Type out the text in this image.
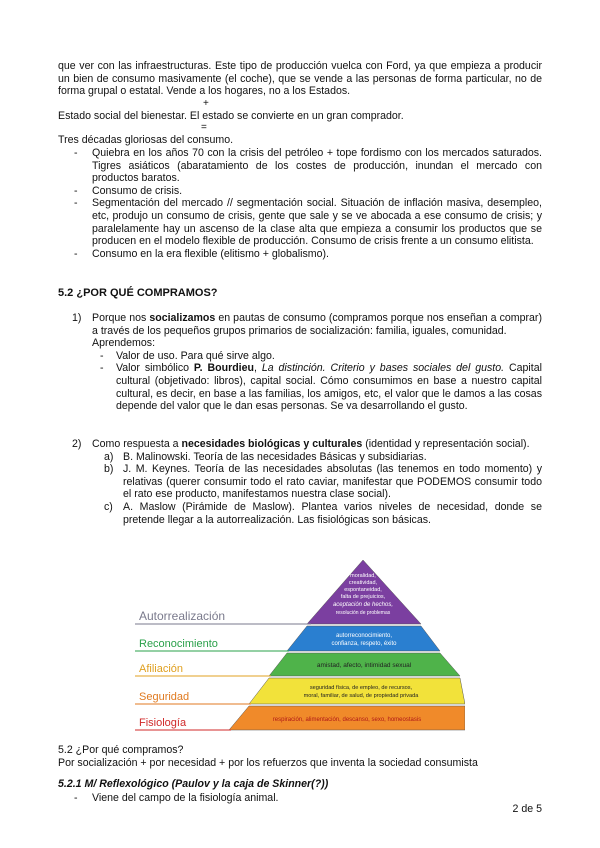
que ver con las infraestructuras. Este tipo de producción vuelca con Ford, ya que empieza a producir un bien de consumo masivamente (el coche), que se vende a las personas de forma particular, no de forma grupal o estatal. Vende a los hogares, no a los Estados.
+
Estado social del bienestar. El estado se convierte en un gran comprador.
=
Tres décadas gloriosas del consumo.
- Quiebra en los años 70 con la crisis del petróleo + tope fordismo con los mercados saturados. Tigres asiáticos (abaratamiento de los costes de producción, inundan el mercado con productos baratos.
- Consumo de crisis.
- Segmentación del mercado // segmentación social. Situación de inflación masiva, desempleo, etc, produjo un consumo de crisis, gente que sale y se ve abocada a ese consumo de crisis; y paralelamente hay un ascenso de la clase alta que empieza a consumir los productos que se producen en el modelo flexible de producción. Consumo de crisis frente a un consumo elitista.
- Consumo en la era flexible (elitismo + globalismo).
5.2 ¿POR QUÉ COMPRAMOS?
1) Porque nos socializamos en pautas de consumo (compramos porque nos enseñan a comprar) a través de los pequeños grupos primarios de socialización: familia, iguales, comunidad.
Aprendemos:
- Valor de uso. Para qué sirve algo.
- Valor simbólico P. Bourdieu, La distinción. Criterio y bases sociales del gusto. Capital cultural (objetivado: libros), capital social. Cómo consumimos en base a nuestro capital cultural, es decir, en base a las familias, los amigos, etc, el valor que le damos a las cosas depende del valor que le dan esas personas. Se va desarrollando el gusto.
2) Como respuesta a necesidades biológicas y culturales (identidad y representación social).
a) B. Malinowski. Teoría de las necesidades Básicas y subsidiarias.
b) J. M. Keynes. Teoría de las necesidades absolutas (las tenemos en todo momento) y relativas (querer consumir todo el rato caviar, manifestar que PODEMOS consumir todo el rato ese producto, manifestamos nuestra clase social).
c) A. Maslow (Pirámide de Maslow). Plantea varios niveles de necesidad, donde se pretende llegar a la autorrealización. Las fisiológicas son básicas.
Autorrealización
moralidad,
creatividad,
espontaneidad,
falta de prejuicios,
aceptación de hechos,
resolución de problemas
Reconocimiento
autorreconocimiento,
confianza, respeto, éxito
Afiliación	amistad, afecto, intimidad sexual
Seguridad
seguridad física, de empleo, de recursos,
moral, familiar, de salud, de propiedad privada
Fisiología	respiración, alimentación, descanso, sexo, homeostasis
5.2 ¿Por qué compramos?
Por socialización + por necesidad + por los refuerzos que inventa la sociedad consumista
5.2.1 M/ Reflexológico (Paulov y la caja de Skinner(?))
- Viene del campo de la fisiología animal.
2 de 5
